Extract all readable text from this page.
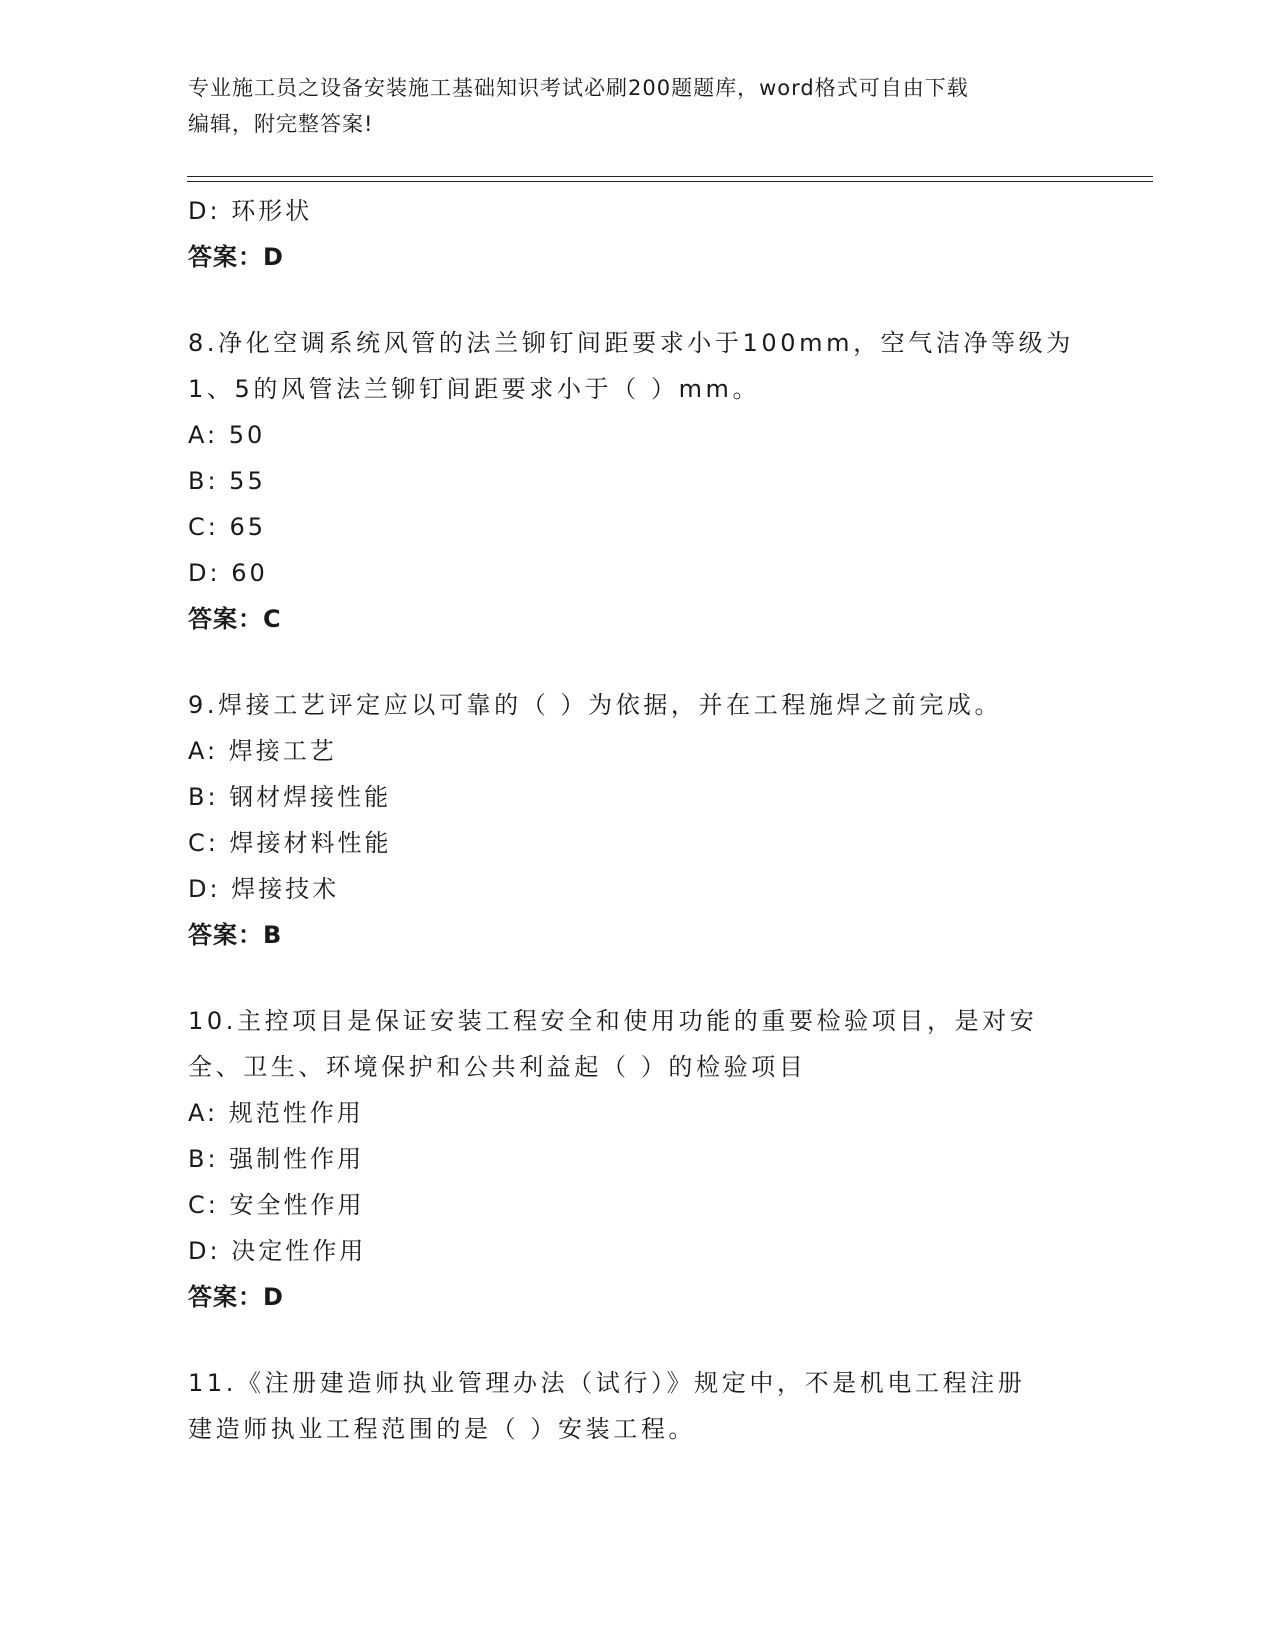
专业施工员之设备安装施工基础知识考试必刷200题题库，word格式可自由下载
编辑，附完整答案!
D: 环形状
答案：D
8.净化空调系统风管的法兰铆钉间距要求小于100mm，空气洁净等级为
1、5的风管法兰铆钉间距要求小于（ ）mm。
A: 50
B: 55
C: 65
D: 60
答案：C
9.焊接工艺评定应以可靠的（ ）为依据，并在工程施焊之前完成。
A: 焊接工艺
B: 钢材焊接性能
C: 焊接材料性能
D: 焊接技术
答案：B
10.主控项目是保证安装工程安全和使用功能的重要检验项目，是对安
全、卫生、环境保护和公共利益起（ ）的检验项目
A: 规范性作用
B: 强制性作用
C: 安全性作用
D: 决定性作用
答案：D
11.《注册建造师执业管理办法（试行）》规定中，不是机电工程注册
建造师执业工程范围的是（ ）安装工程。
